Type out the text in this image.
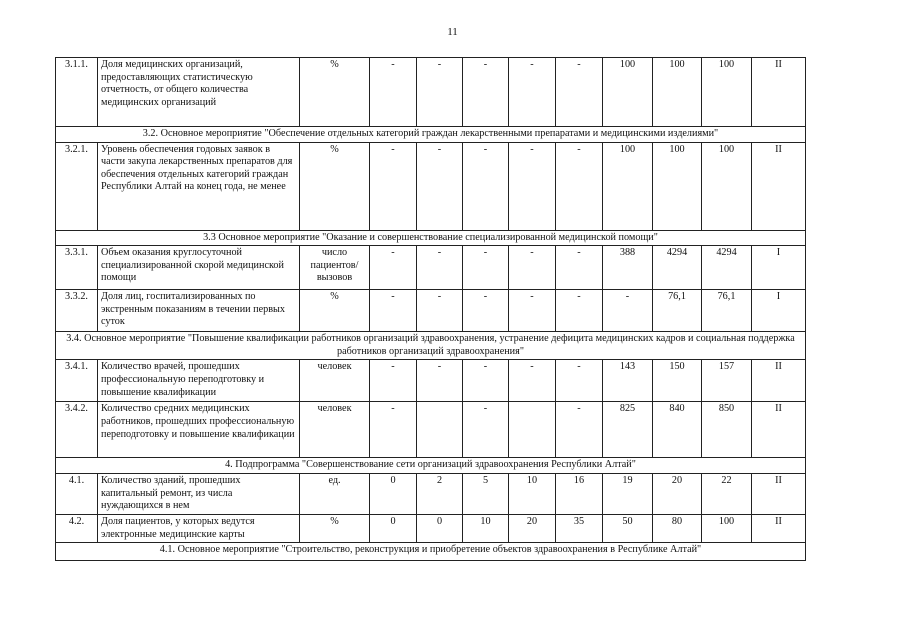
11
3.1.1.	Доля медицинских организаций, предоставляющих статистическую отчетность, от общего количества медицинских организаций	%	-	-	-	-	-	100	100	100	II
3.2. Основное мероприятие "Обеспечение отдельных категорий граждан лекарственными препаратами и медицинскими изделиями"											
3.2.1.	Уровень обеспечения годовых заявок в части закупа лекарственных препаратов для обеспечения отдельных категорий граждан Республики Алтай на конец года, не менее	%	-	-	-	-	-	100	100	100	II
3.3 Основное мероприятие "Оказание и совершенствование специализированной медицинской помощи"											
3.3.1.	Объем оказания круглосуточной специализированной скорой медицинской помощи	число пациентов/ вызовов	-	-	-	-	-	388	4294	4294	I
3.3.2.	Доля лиц, госпитализированных по экстренным показаниям в течении первых суток	%	-	-	-	-	-	-	76,1	76,1	I
3.4. Основное мероприятие "Повышение квалификации работников организаций здравоохранения, устранение дефицита медицинских кадров и социальная поддержка работников организаций здравоохранения"											
3.4.1.	Количество врачей, прошедших профессиональную переподготовку и повышение квалификации	человек	-	-	-	-	-	143	150	157	II
3.4.2.	Количество средних медицинских работников, прошедших профессиональную переподготовку и повышение квалификации	человек	-		-		-	825	840	850	II
4. Подпрограмма "Совершенствование сети организаций здравоохранения Республики Алтай"											
4.1.	Количество зданий, прошедших капитальный ремонт, из числа нуждающихся в нем	ед.	0	2	5	10	16	19	20	22	II
4.2.	Доля пациентов, у которых ведутся электронные медицинские карты	%	0	0	10	20	35	50	80	100	II
4.1. Основное мероприятие "Строительство, реконструкция и приобретение объектов здравоохранения в Республике Алтай"											
